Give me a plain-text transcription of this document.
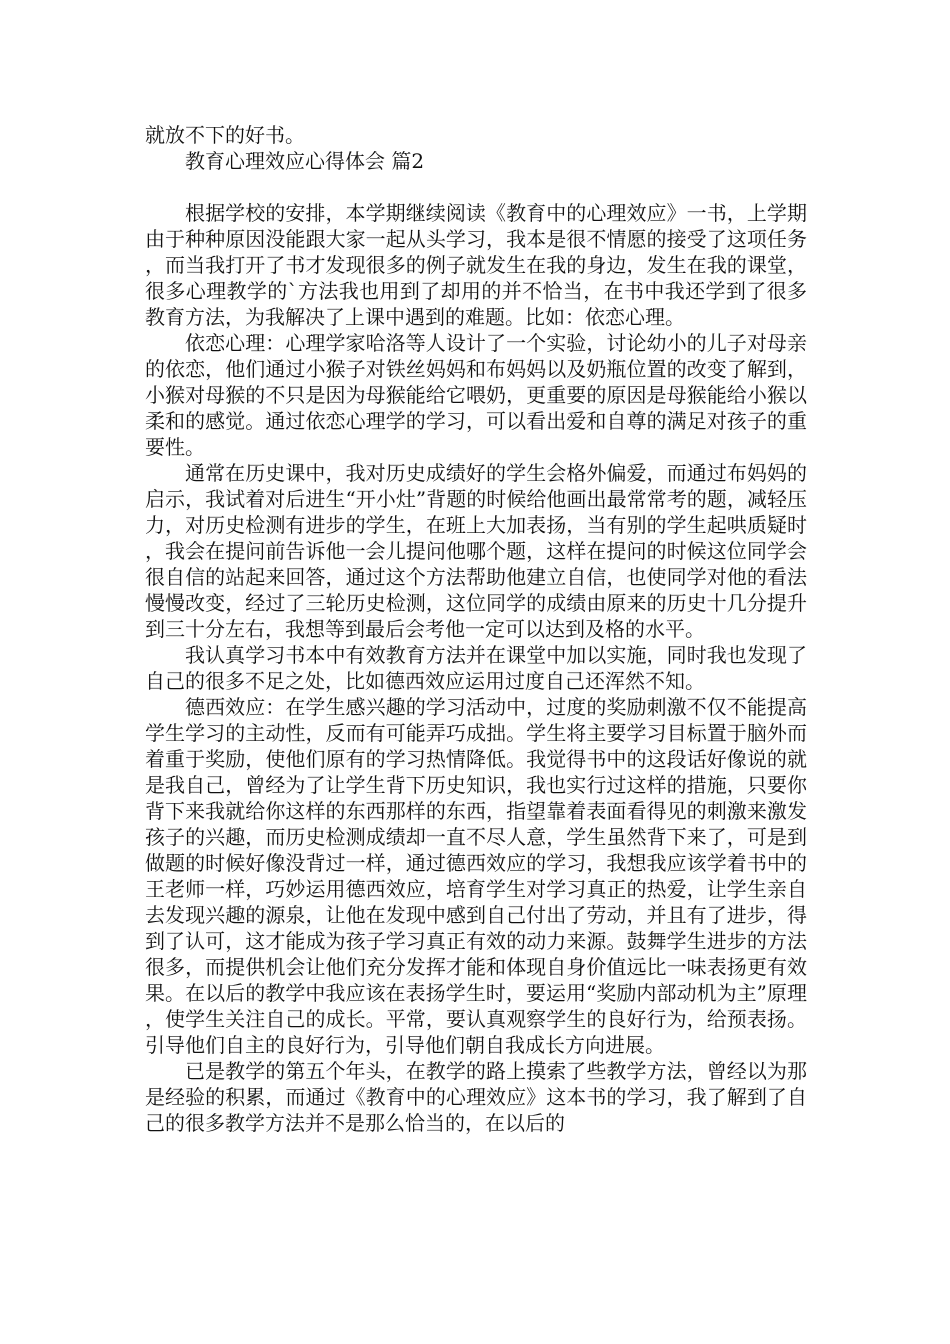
就放不下的好书。

教育心理效应心得体会 篇2

根据学校的安排，本学期继续阅读《教育中的心理效应》一书，上学期由于种种原因没能跟大家一起从头学习，我本是很不情愿的接受了这项任务，而当我打开了书才发现很多的例子就发生在我的身边，发生在我的课堂，很多心理教学的`方法我也用到了却用的并不恰当，在书中我还学到了很多教育方法，为我解决了上课中遇到的难题。比如：依恋心理。

依恋心理：心理学家哈洛等人设计了一个实验，讨论幼小的儿子对母亲的依恋，他们通过小猴子对铁丝妈妈和布妈妈以及奶瓶位置的改变了解到，小猴对母猴的不只是因为母猴能给它喂奶，更重要的原因是母猴能给小猴以柔和的感觉。通过依恋心理学的学习，可以看出爱和自尊的满足对孩子的重要性。

通常在历史课中，我对历史成绩好的学生会格外偏爱，而通过布妈妈的启示，我试着对后进生“开小灶”背题的时候给他画出最常常考的题，减轻压力，对历史检测有进步的学生，在班上大加表扬，当有别的学生起哄质疑时，我会在提问前告诉他一会儿提问他哪个题，这样在提问的时候这位同学会很自信的站起来回答，通过这个方法帮助他建立自信，也使同学对他的看法慢慢改变，经过了三轮历史检测，这位同学的成绩由原来的历史十几分提升到三十分左右，我想等到最后会考他一定可以达到及格的水平。

我认真学习书本中有效教育方法并在课堂中加以实施，同时我也发现了自己的很多不足之处，比如德西效应运用过度自己还浑然不知。

德西效应：在学生感兴趣的学习活动中，过度的奖励刺激不仅不能提高学生学习的主动性，反而有可能弄巧成拙。学生将主要学习目标置于脑外而着重于奖励，使他们原有的学习热情降低。我觉得书中的这段话好像说的就是我自己，曾经为了让学生背下历史知识，我也实行过这样的措施，只要你背下来我就给你这样的东西那样的东西，指望靠着表面看得见的刺激来激发孩子的兴趣，而历史检测成绩却一直不尽人意，学生虽然背下来了，可是到做题的时候好像没背过一样，通过德西效应的学习，我想我应该学着书中的王老师一样，巧妙运用德西效应，培育学生对学习真正的热爱，让学生亲自去发现兴趣的源泉，让他在发现中感到自己付出了劳动，并且有了进步，得到了认可，这才能成为孩子学习真正有效的动力来源。鼓舞学生进步的方法很多，而提供机会让他们充分发挥才能和体现自身价值远比一味表扬更有效果。在以后的教学中我应该在表扬学生时，要运用“奖励内部动机为主”原理，使学生关注自己的成长。平常，要认真观察学生的良好行为，给预表扬。引导他们自主的良好行为，引导他们朝自我成长方向进展。

已是教学的第五个年头，在教学的路上摸索了些教学方法，曾经以为那是经验的积累，而通过《教育中的心理效应》这本书的学习，我了解到了自己的很多教学方法并不是那么恰当的，在以后的
